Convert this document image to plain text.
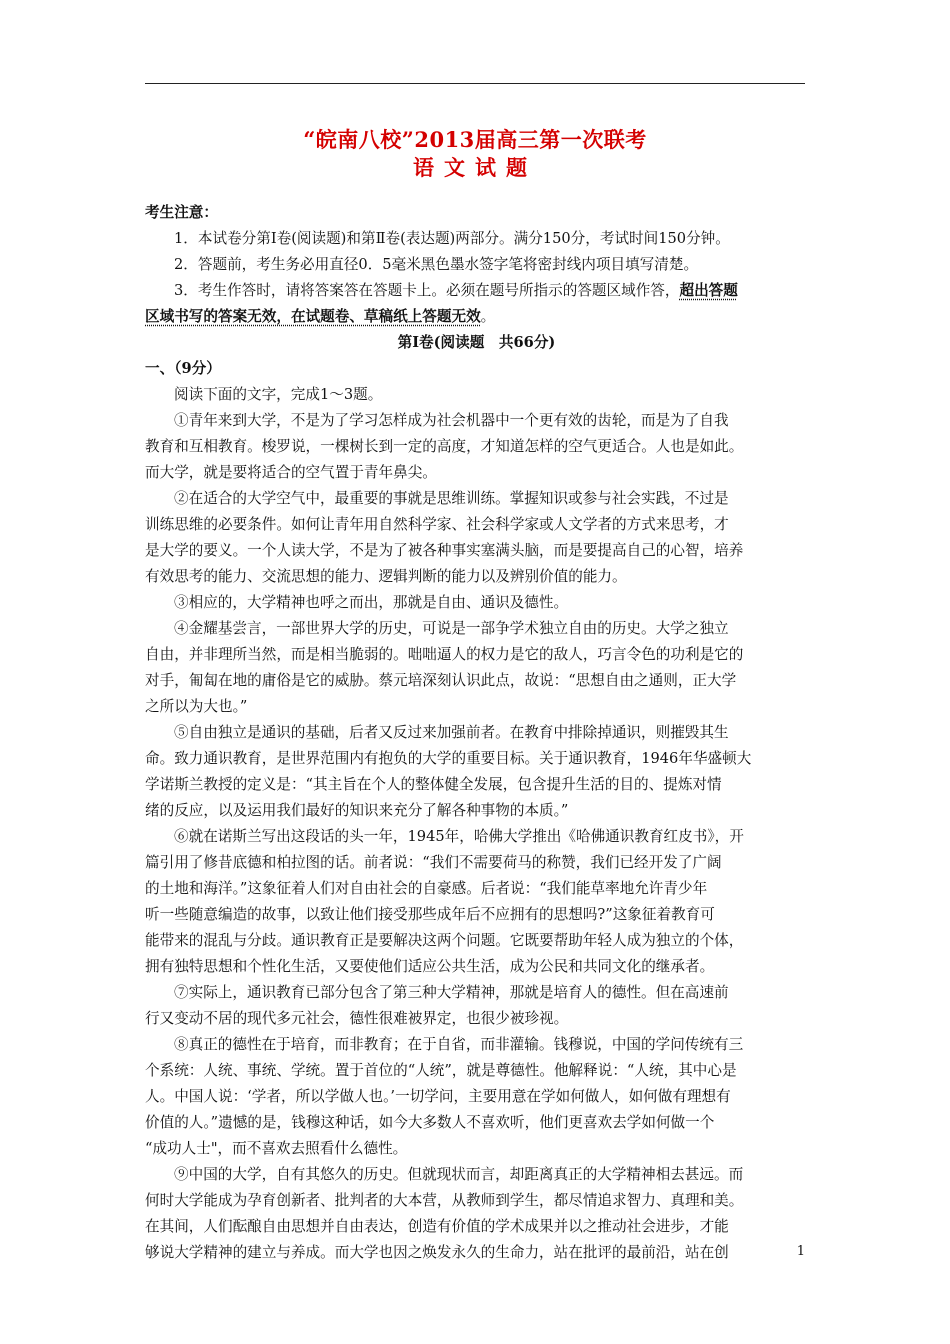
“皖南八校”2013届高三第一次联考
语文试题
考生注意：
1．本试卷分第Ⅰ卷(阅读题)和第Ⅱ卷(表达题)两部分。满分150分，考试时间150分钟。
2．答题前，考生务必用直径0．5毫米黑色墨水签字笔将密封线内项目填写清楚。
3．考生作答时，请将答案答在答题卡上。必须在题号所指示的答题区域作答，超出答题
区域书写的答案无效，在试题卷、草稿纸上答题无效。
第Ⅰ卷(阅读题　共66分)
一、（9分）
阅读下面的文字，完成1～3题。
①青年来到大学，不是为了学习怎样成为社会机器中一个更有效的齿轮，而是为了自我
教育和互相教育。梭罗说，一棵树长到一定的高度，才知道怎样的空气更适合。人也是如此。
而大学，就是要将适合的空气置于青年鼻尖。
②在适合的大学空气中，最重要的事就是思维训练。掌握知识或参与社会实践，不过是
训练思维的必要条件。如何让青年用自然科学家、社会科学家或人文学者的方式来思考，才
是大学的要义。一个人读大学，不是为了被各种事实塞满头脑，而是要提高自己的心智，培养
有效思考的能力、交流思想的能力、逻辑判断的能力以及辨别价值的能力。
③相应的，大学精神也呼之而出，那就是自由、通识及德性。
④金耀基尝言，一部世界大学的历史，可说是一部争学术独立自由的历史。大学之独立
自由，并非理所当然，而是相当脆弱的。咄咄逼人的权力是它的敌人，巧言令色的功利是它的
对手，匍匐在地的庸俗是它的威胁。蔡元培深刻认识此点，故说：“思想自由之通则，正大学
之所以为大也。”
⑤自由独立是通识的基础，后者又反过来加强前者。在教育中排除掉通识，则摧毁其生
命。致力通识教育，是世界范围内有抱负的大学的重要目标。关于通识教育，1946年华盛顿大
学诺斯兰教授的定义是：“其主旨在个人的整体健全发展，包含提升生活的目的、提炼对情
绪的反应，以及运用我们最好的知识来充分了解各种事物的本质。”
⑥就在诺斯兰写出这段话的头一年，1945年，哈佛大学推出《哈佛通识教育红皮书》，开
篇引用了修昔底德和柏拉图的话。前者说：“我们不需要荷马的称赞，我们已经开发了广阔
的土地和海洋。”这象征着人们对自由社会的自豪感。后者说：“我们能草率地允许青少年
听一些随意编造的故事，以致让他们接受那些成年后不应拥有的思想吗?”这象征着教育可
能带来的混乱与分歧。通识教育正是要解决这两个问题。它既要帮助年轻人成为独立的个体，
拥有独特思想和个性化生活，又要使他们适应公共生活，成为公民和共同文化的继承者。
⑦实际上，通识教育已部分包含了第三种大学精神，那就是培育人的德性。但在高速前
行又变动不居的现代多元社会，德性很难被界定，也很少被珍视。
⑧真正的德性在于培育，而非教育；在于自省，而非灌输。钱穆说，中国的学问传统有三
个系统：人统、事统、学统。置于首位的“人统”，就是尊德性。他解释说：“人统，其中心是
人。中国人说：‘学者，所以学做人也。’一切学问，主要用意在学如何做人，如何做有理想有
价值的人。”遗憾的是，钱穆这种话，如今大多数人不喜欢听，他们更喜欢去学如何做一个
“成功人士"，而不喜欢去照看什么德性。
⑨中国的大学，自有其悠久的历史。但就现状而言，却距离真正的大学精神相去甚远。而
何时大学能成为孕育创新者、批判者的大本营，从教师到学生，都尽情追求智力、真理和美。
在其间，人们酝酿自由思想并自由表达，创造有价值的学术成果并以之推动社会进步，才能
够说大学精神的建立与养成。而大学也因之焕发永久的生命力，站在批评的最前沿，站在创	1
